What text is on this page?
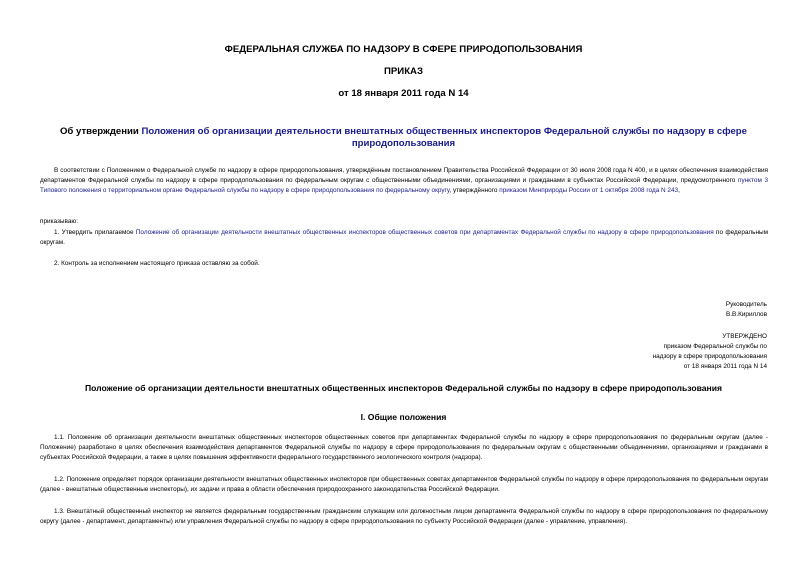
ФЕДЕРАЛЬНАЯ СЛУЖБА ПО НАДЗОРУ В СФЕРЕ ПРИРОДОПОЛЬЗОВАНИЯ
ПРИКАЗ
от 18 января 2011 года N 14
Об утверждении Положения об организации деятельности внештатных общественных инспекторов Федеральной службы по надзору в сфере
природопользования
В соответствии с Положением о Федеральной службе по надзору в сфере природопользования, утверждённым постановлением Правительства Российской Федерации от 30 июля 2008 года N 400, и в целях обеспечения взаимодействия департаментов Федеральной службы по надзору в сфере природопользования по федеральным округам с общественными объединениями, организациями и гражданами в субъектах Российской Федерации, предусмотренного пунктом 3 Типового положения о территориальном органе Федеральной службы по надзору в сфере природопользования по федеральному округу, утверждённого приказом Минприроды России от 1 октября 2008 года N 243,
приказываю:
1. Утвердить прилагаемое Положение об организации деятельности внештатных общественных инспекторов общественных советов при департаментах Федеральной службы по надзору в сфере природопользования по федеральным округам.
2. Контроль за исполнением настоящего приказа оставляю за собой.
Руководитель
В.В.Кириллов
УТВЕРЖДЕНО
приказом Федеральной службы по
надзору в сфере природопользования
от 18 января 2011 года N 14
Положение об организации деятельности внештатных общественных инспекторов Федеральной службы по надзору в сфере природопользования
I. Общие положения
1.1. Положение об организации деятельности внештатных общественных инспекторов общественных советов при департаментах Федеральной службы по надзору в сфере природопользования по федеральным округам (далее - Положение) разработано в целях обеспечения взаимодействия департаментов Федеральной службы по надзору в сфере природопользования по федеральным округам с общественными объединениями, организациями и гражданами в субъектах Российской Федерации, а также в целях повышения эффективности федерального государственного экологического контроля (надзора).
1.2. Положение определяет порядок организации деятельности внештатных общественных инспекторов при общественных советах департаментов Федеральной службы по надзору в сфере природопользования по федеральным округам (далее - внештатные общественные инспекторы), их задачи и права в области обеспечения природоохранного законодательства Российской Федерации.
1.3. Внештатный общественный инспектор не является федеральным государственным гражданским служащим или должностным лицом департамента Федеральной службы по надзору в сфере природопользования по федеральному округу (далее - департамент, департаменты) или управления Федеральной службы по надзору в сфере природопользования по субъекту Российской Федерации (далее - управление, управления).
